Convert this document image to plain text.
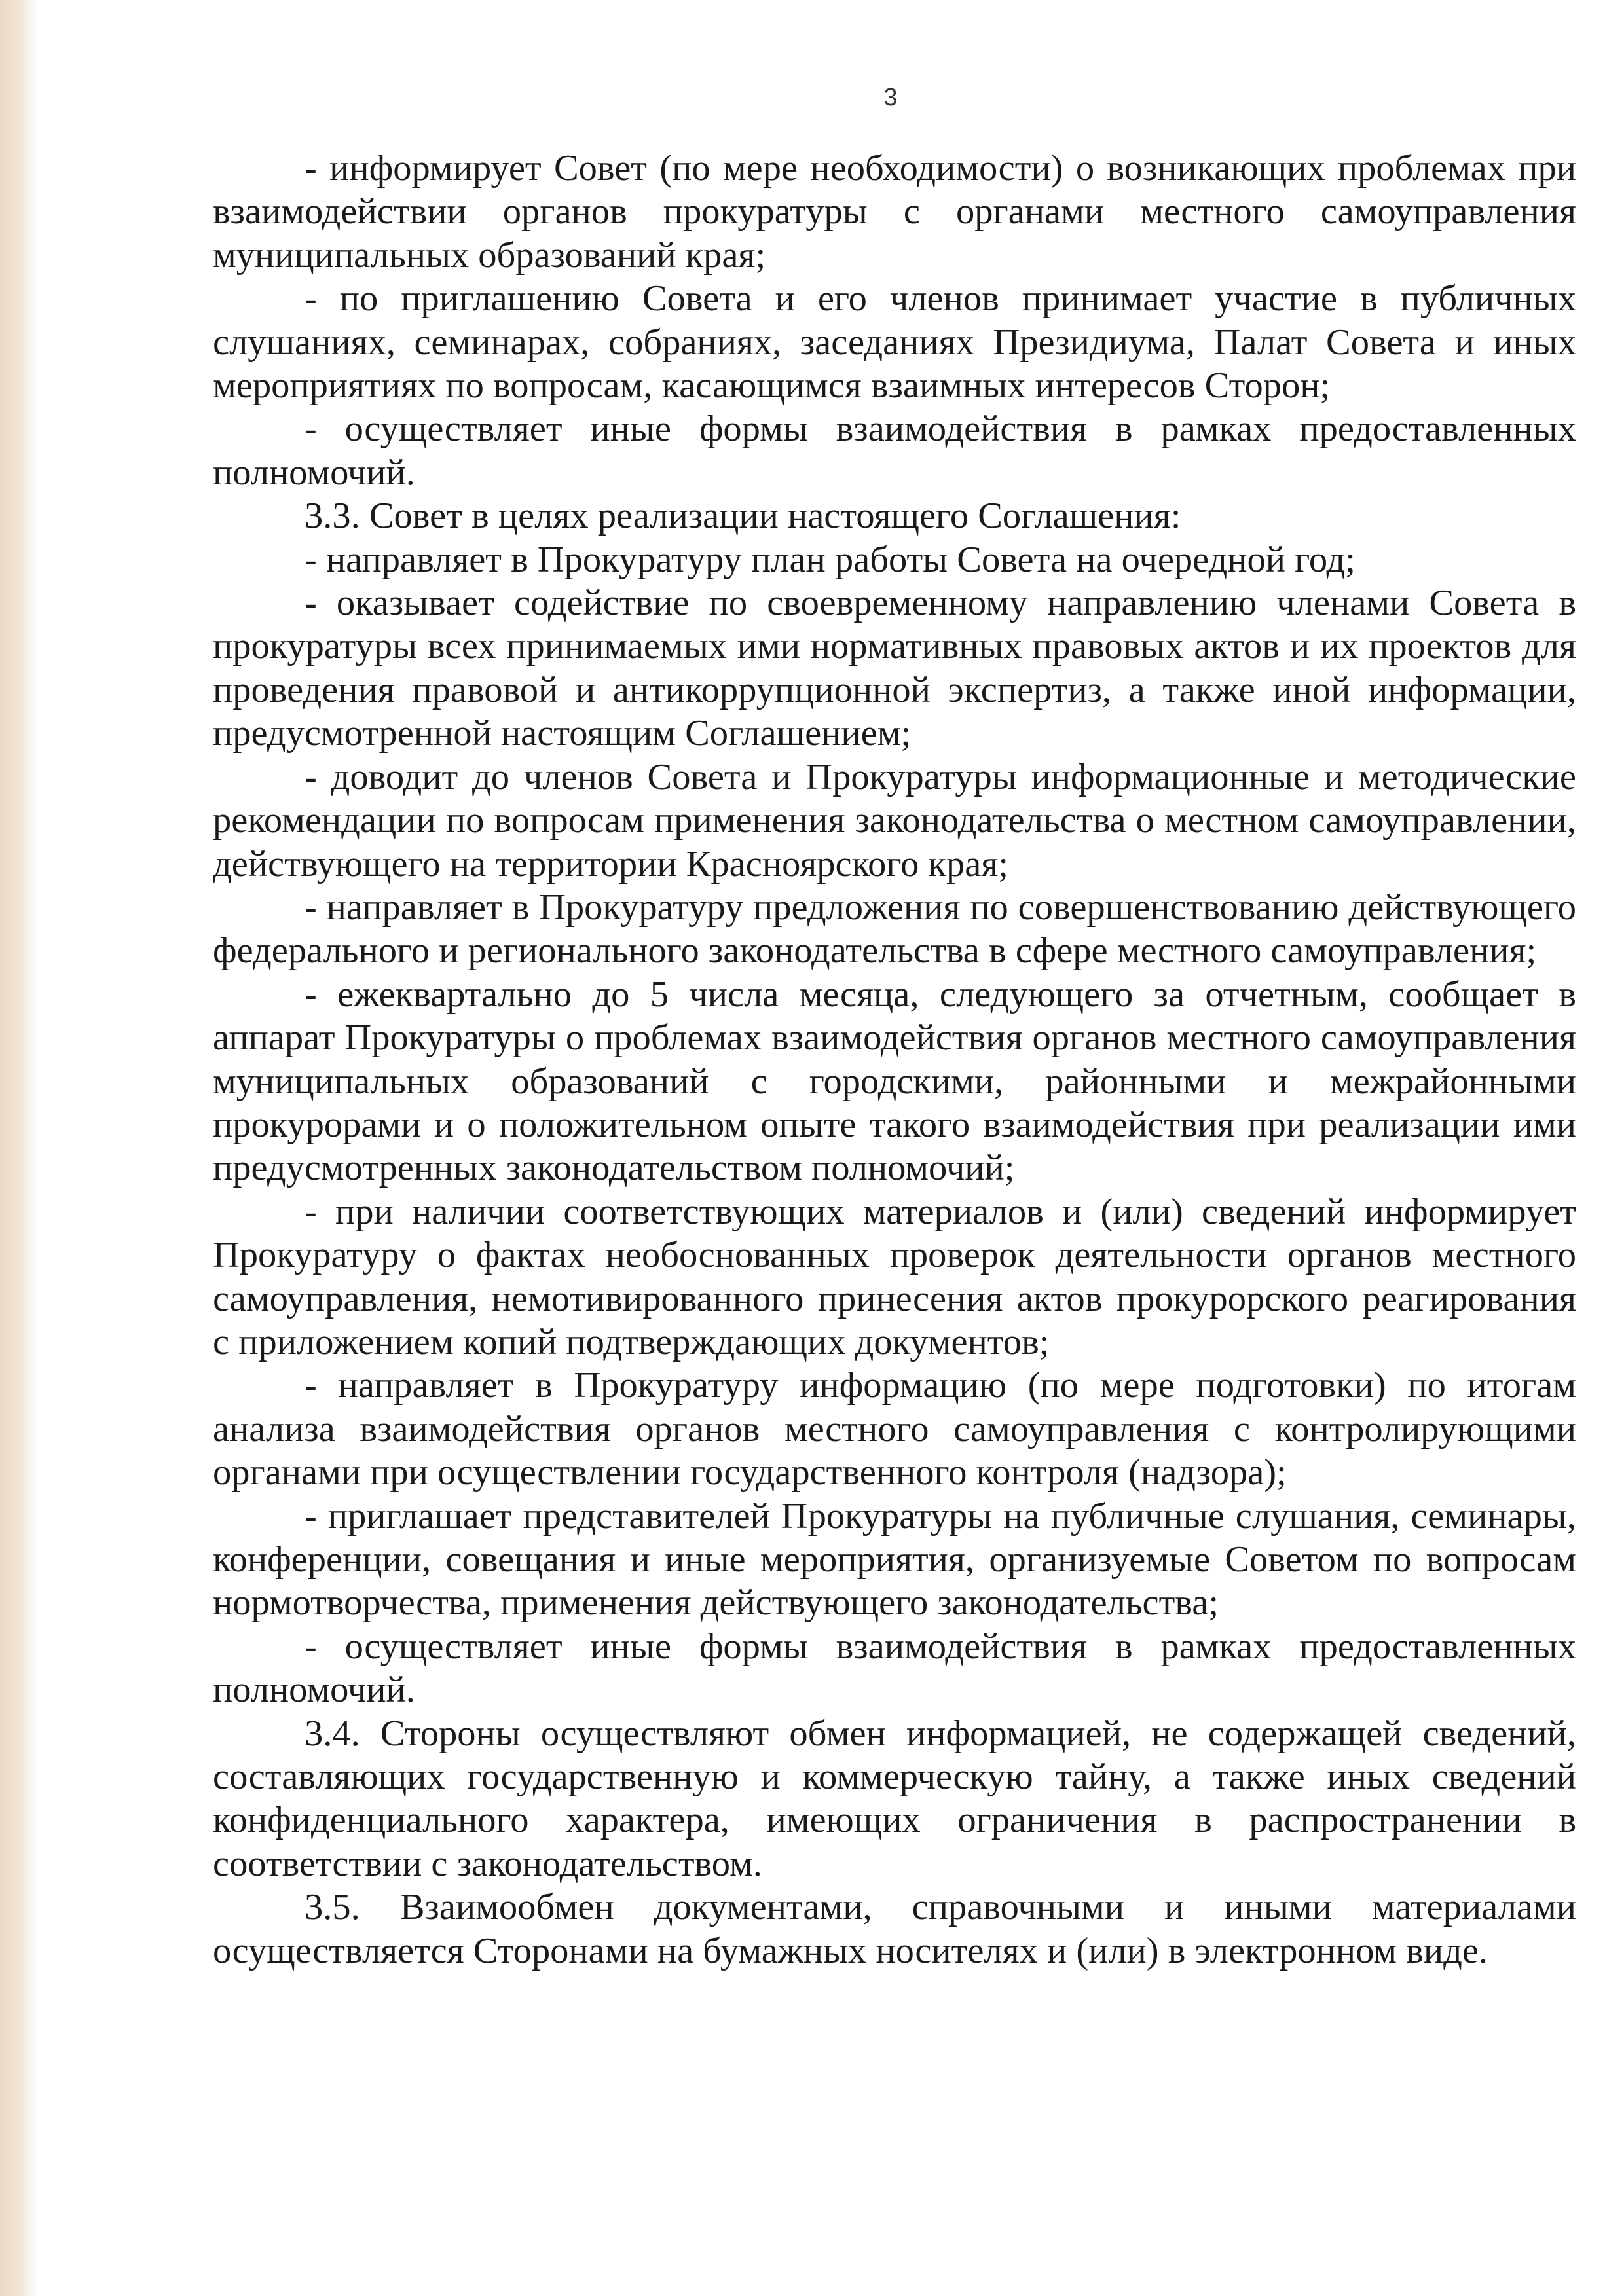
3

- информирует Совет (по мере необходимости) о возникающих проблемах при взаимодействии органов прокуратуры с органами местного самоуправления муниципальных образований края;

- по приглашению Совета и его членов принимает участие в публичных слушаниях, семинарах, собраниях, заседаниях Президиума, Палат Совета и иных мероприятиях по вопросам, касающимся взаимных интересов Сторон;

- осуществляет иные формы взаимодействия в рамках предоставленных полномочий.

3.3. Совет в целях реализации настоящего Соглашения:

- направляет в Прокуратуру план работы Совета на очередной год;

- оказывает содействие по своевременному направлению членами Совета в прокуратуры всех принимаемых ими нормативных правовых актов и их проектов для проведения правовой и антикоррупционной экспертиз, а также иной информации, предусмотренной настоящим Соглашением;

- доводит до членов Совета и Прокуратуры информационные и методические рекомендации по вопросам применения законодательства о местном самоуправлении, действующего на территории Красноярского края;

- направляет в Прокуратуру предложения по совершенствованию действующего федерального и регионального законодательства в сфере местного самоуправления;

- ежеквартально до 5 числа месяца, следующего за отчетным, сообщает в аппарат Прокуратуры о проблемах взаимодействия органов местного самоуправления муниципальных образований с городскими, районными и межрайонными прокурорами и о положительном опыте такого взаимодействия при реализации ими предусмотренных законодательством полномочий;

- при наличии соответствующих материалов и (или) сведений информирует Прокуратуру о фактах необоснованных проверок деятельности органов местного самоуправления, немотивированного принесения актов прокурорского реагирования с приложением копий подтверждающих документов;

- направляет в Прокуратуру информацию (по мере подготовки) по итогам анализа взаимодействия органов местного самоуправления с контролирующими органами при осуществлении государственного контроля (надзора);

- приглашает представителей Прокуратуры на публичные слушания, семинары, конференции, совещания и иные мероприятия, организуемые Советом по вопросам нормотворчества, применения действующего законодательства;

- осуществляет иные формы взаимодействия в рамках предоставленных полномочий.

3.4. Стороны осуществляют обмен информацией, не содержащей сведений, составляющих государственную и коммерческую тайну, а также иных сведений конфиденциального характера, имеющих ограничения в распространении в соответствии с законодательством.

3.5. Взаимообмен документами, справочными и иными материалами осуществляется Сторонами на бумажных носителях и (или) в электронном виде.
